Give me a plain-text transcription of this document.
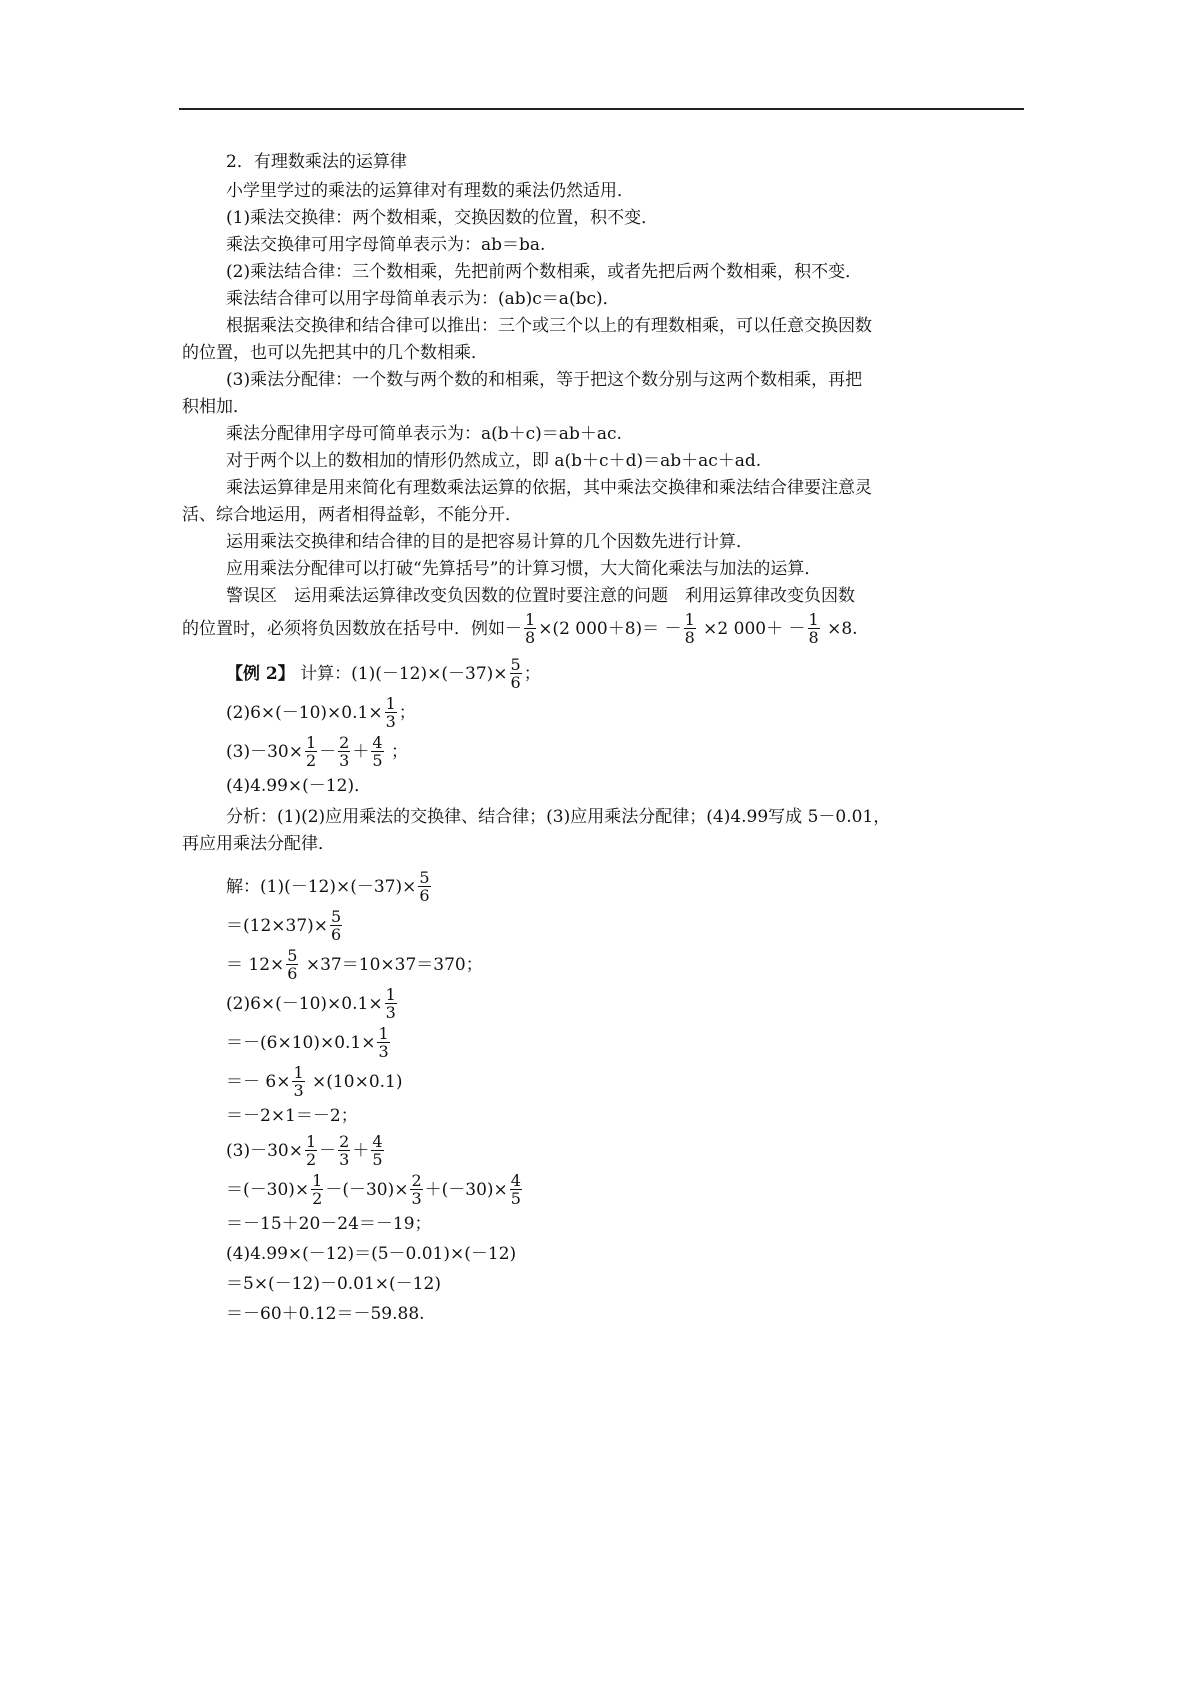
2．有理数乘法的运算律
小学里学过的乘法的运算律对有理数的乘法仍然适用．
(1)乘法交换律：两个数相乘，交换因数的位置，积不变．
乘法交换律可用字母简单表示为：ab＝ba.
(2)乘法结合律：三个数相乘，先把前两个数相乘，或者先把后两个数相乘，积不变．
乘法结合律可以用字母简单表示为：(ab)c＝a(bc)．
根据乘法交换律和结合律可以推出：三个或三个以上的有理数相乘，可以任意交换因数
的位置，也可以先把其中的几个数相乘．
(3)乘法分配律：一个数与两个数的和相乘，等于把这个数分别与这两个数相乘，再把
积相加．
乘法分配律用字母可简单表示为：a(b＋c)＝ab＋ac.
对于两个以上的数相加的情形仍然成立，即 a(b＋c＋d)＝ab＋ac＋ad.
乘法运算律是用来简化有理数乘法运算的依据，其中乘法交换律和乘法结合律要注意灵
活、综合地运用，两者相得益彰，不能分开．
运用乘法交换律和结合律的目的是把容易计算的几个因数先进行计算．
应用乘法分配律可以打破“先算括号”的计算习惯，大大简化乘法与加法的运算．
警误区　运用乘法运算律改变负因数的位置时要注意的问题　利用运算律改变负因数
的位置时，必须将负因数放在括号中．例如－ $\frac{1}{8} \times(2$ $000+8)= - \frac{1}{8} \times 2$ $000+ - \frac{1}{8} \times 8$.
【例 2】
计算：$(1)(-12)\times(-37)\times \frac{5}{6}$ ；
$(2)6\times(-10)\times 0.1\times \frac{1}{3}$ ；
$(3)-30\times \frac{1}{2} - \frac{2}{3} + \frac{4}{5}$
；
(4)4.99×(－12)．
分析：(1)(2)应用乘法的交换律、结合律；(3)应用乘法分配律；(4)4.99写成 5－0.01，
再应用乘法分配律．
解：$(1)(-12)\times(-37)\times \frac{5}{6}$
$=(12\times 37)\times \frac{5}{6}$
＝ $12\times \frac{5}{6} \times 37=10\times 37=370$；
$(2)6\times(-10)\times 0.1\times \frac{1}{3}$
$=-(6\times 10)\times 0.1\times \frac{1}{3}$
＝－ $6\times \frac{1}{3} \times(10\times 0.1)$
＝－2×1＝－2；
$(3)-30\times \frac{1}{2} - \frac{2}{3} + \frac{4}{5}$
$=(-30)\times \frac{1}{2} -(-30)\times \frac{2}{3} +(-30)\times \frac{4}{5}$
＝－15＋20－24＝－19；
(4)4.99×(－12)＝(5－0.01)×(－12)
＝5×(－12)－0.01×(－12)
＝－60＋0.12＝－59.88.
